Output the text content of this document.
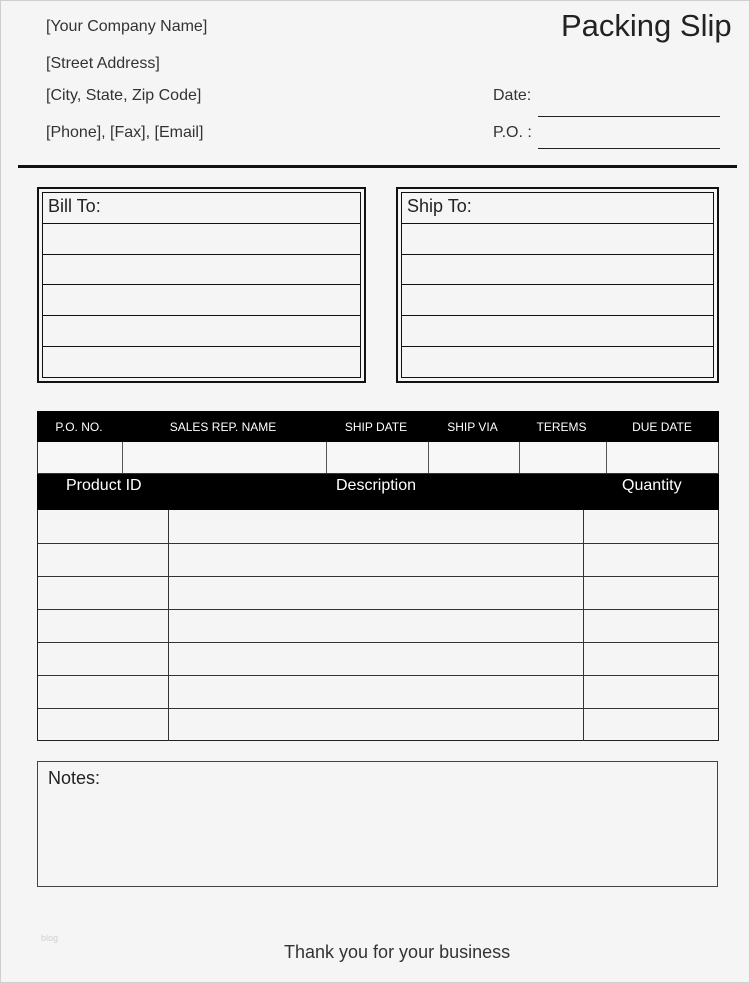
[Your Company Name]
[Street Address]
[City, State, Zip Code]
[Phone], [Fax], [Email]
Packing Slip
Date:
P.O. :
Bill To:	Ship To:
P.O. NO.	SALES REP. NAME	SHIP DATE	SHIP VIA	TEREMS	DUE DATE
Product ID	Description	Quantity
Notes:
blog
Thank you for your business
